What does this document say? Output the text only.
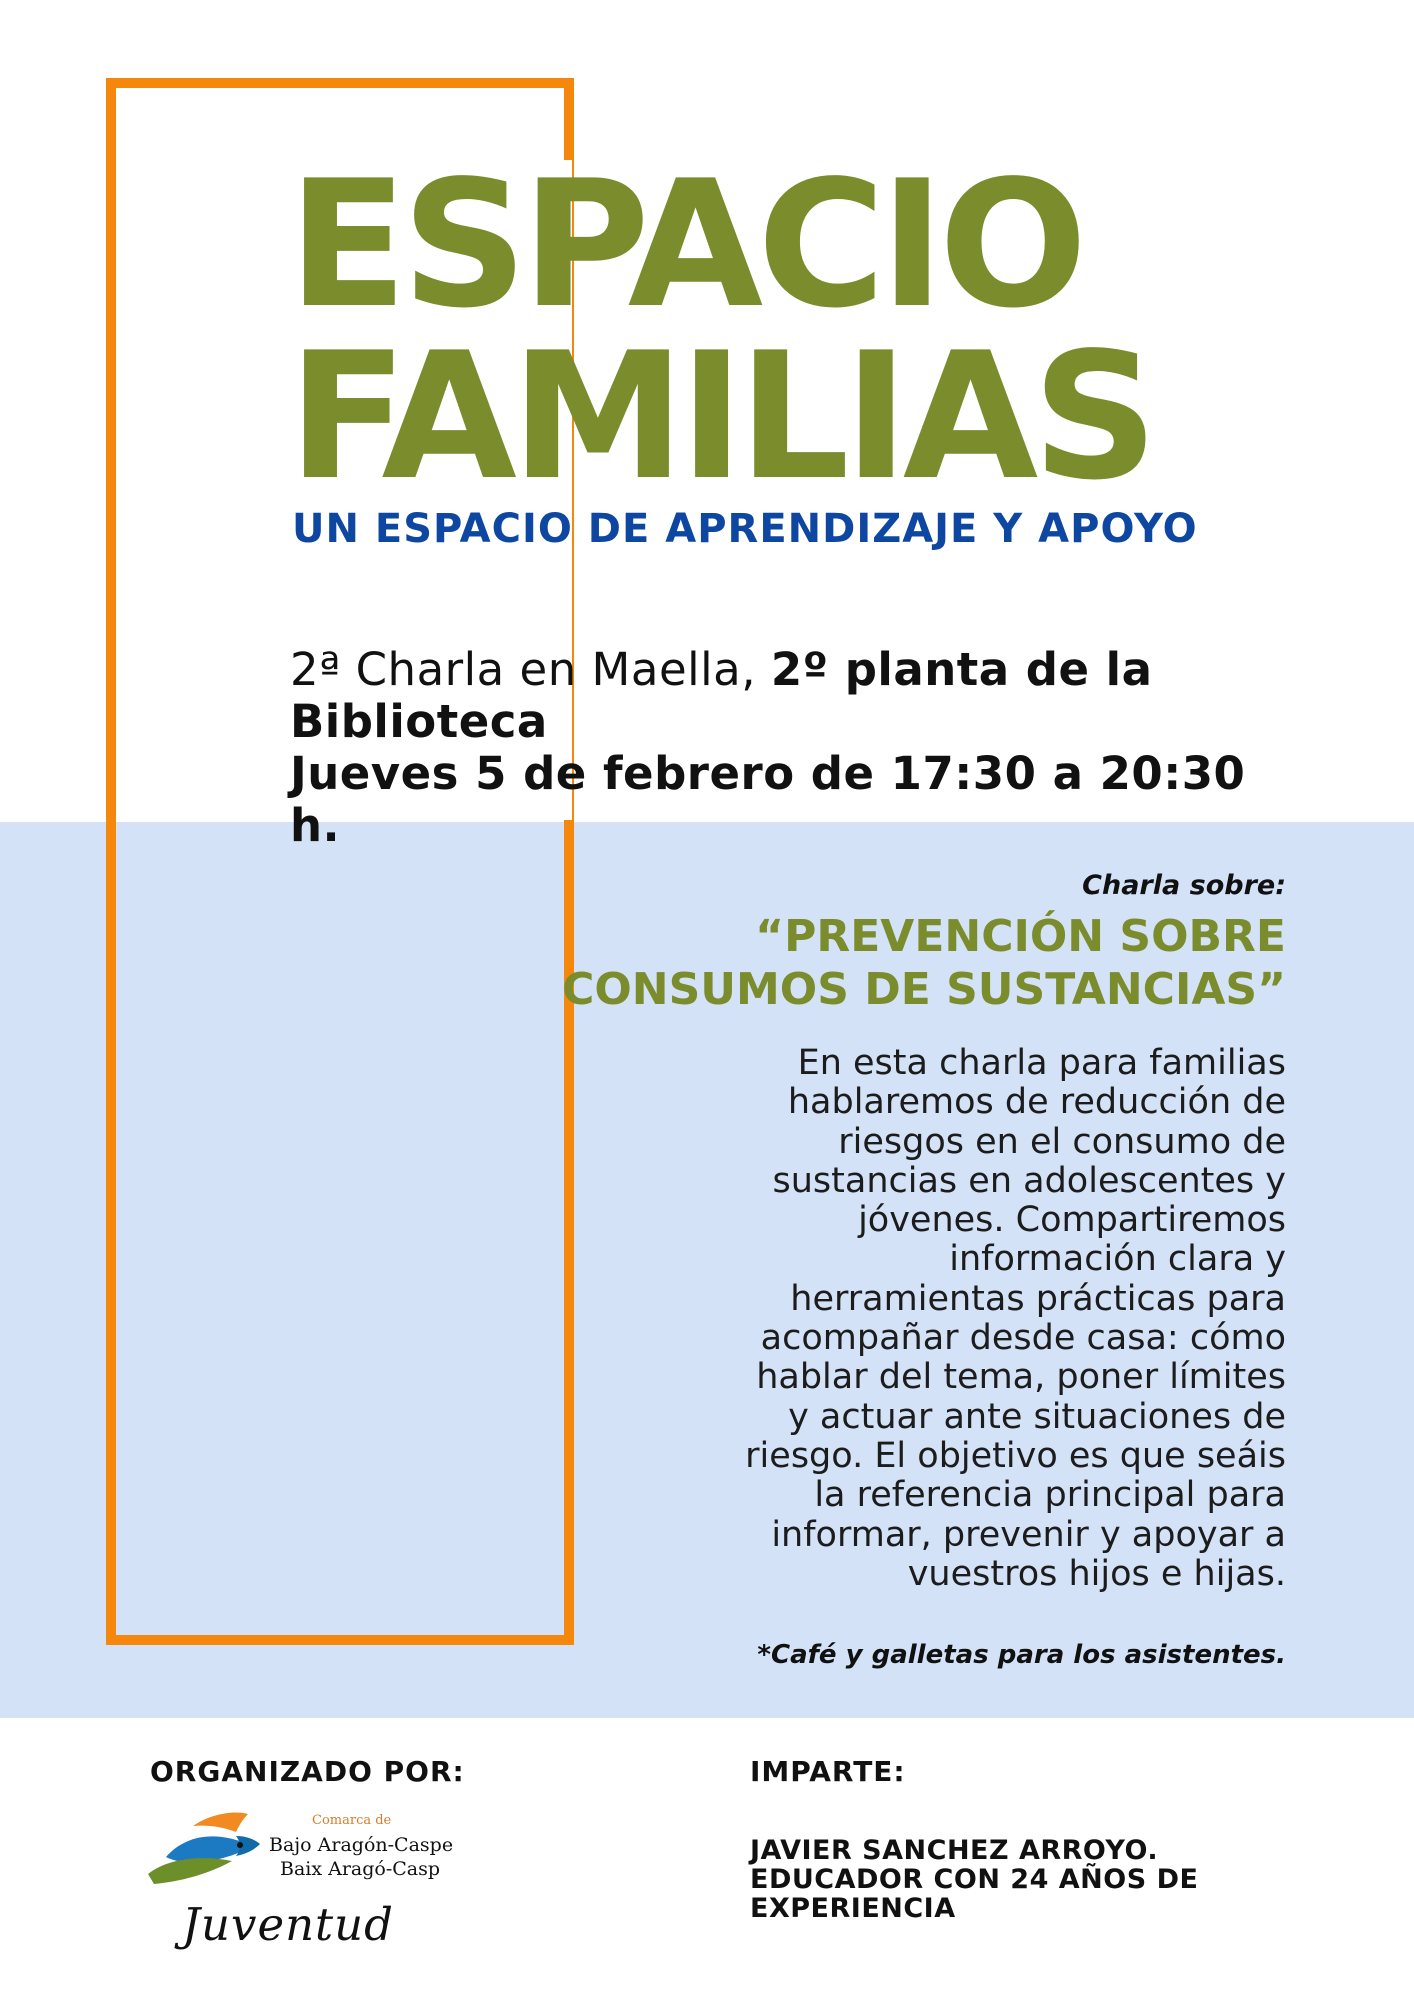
ESPACIO
FAMILIAS

UN ESPACIO DE APRENDIZAJE Y APOYO

2ª Charla en Maella, 2º planta de la Biblioteca
Jueves 5 de febrero de 17:30 a 20:30 h.

Charla sobre:
“PREVENCIÓN SOBRE
CONSUMOS DE SUSTANCIAS”
En esta charla para familias hablaremos de reducción de riesgos en el consumo de sustancias en adolescentes y jóvenes. Compartiremos información clara y herramientas prácticas para acompañar desde casa: cómo hablar del tema, poner límites y actuar ante situaciones de riesgo. El objetivo es que seáis la referencia principal para informar, prevenir y apoyar a vuestros hijos e hijas.
*Café y galletas para los asistentes.

ORGANIZADO POR:	IMPARTE:

JAVIER SANCHEZ ARROYO.
EDUCADOR CON 24 AÑOS DE
EXPERIENCIA

Comarca de
Bajo Aragón-Caspe
Baix Aragó-Casp
Juventud
